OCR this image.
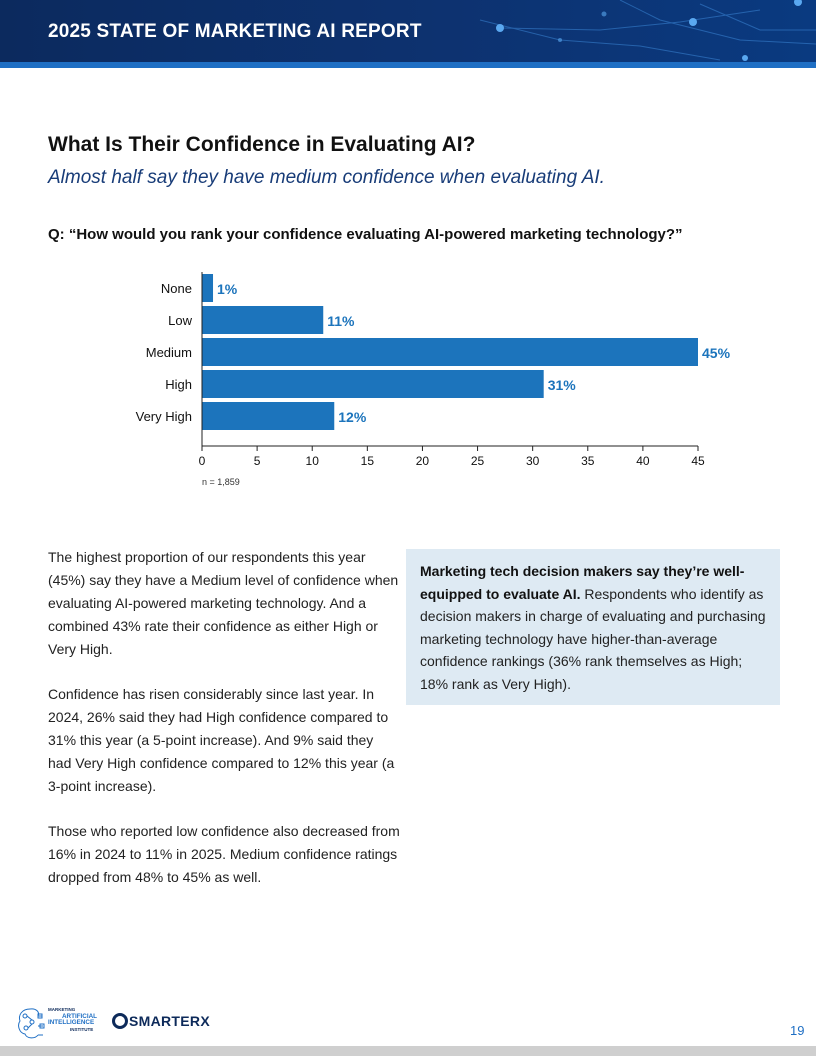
2025 STATE OF MARKETING AI REPORT
What Is Their Confidence in Evaluating AI?
Almost half say they have medium confidence when evaluating AI.
Q: “How would you rank your confidence evaluating AI-powered marketing technology?”
None 1%
Low	11%
Medium	45%
High	31%
Very High	12%
0	5	10	15	20	25	30	35	40	45
n = 1,859

The highest proportion of our respondents this year (45%) say they have a Medium level of confidence when evaluating AI-powered marketing technology. And a combined 43% rate their confidence as either High or Very High.

Confidence has risen considerably since last year. In 2024, 26% said they had High confidence compared to 31% this year (a 5-point increase). And 9% said they had Very High confidence compared to 12% this year (a 3-point increase).

Those who reported low confidence also decreased from 16% in 2024 to 11% in 2025. Medium confidence ratings dropped from 48% to 45% as well.

Marketing tech decision makers say they’re well-equipped to evaluate AI. Respondents who identify as decision makers in charge of evaluating and purchasing marketing technology have higher-than-average confidence rankings (36% rank themselves as High; 18% rank as Very High).
MARKETING
ARTIFICIAL
INTELLIGENCE
INSTITUTE	SMARTERX
19
